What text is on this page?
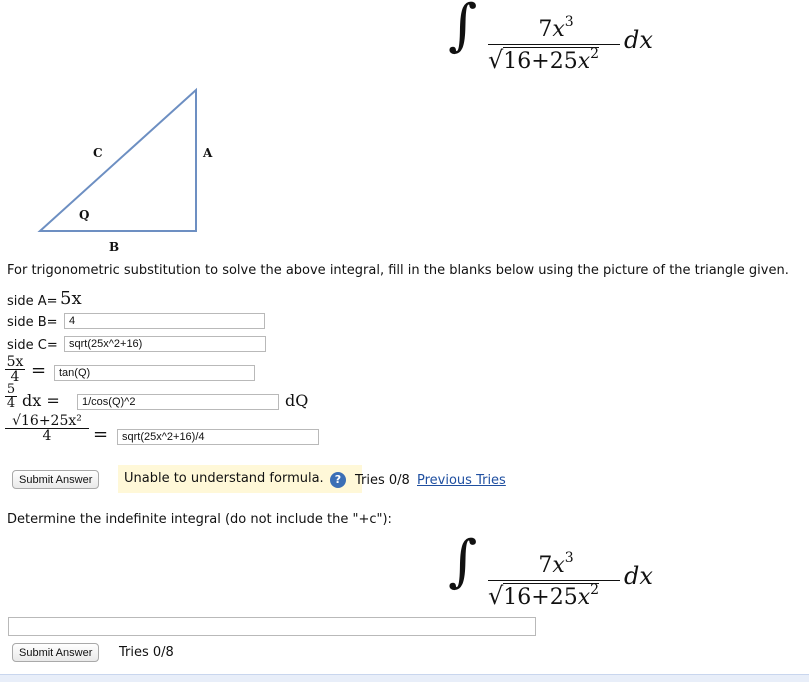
∫	$7x^3$
$√16+25x^2$ dx
C	A
Q
B
For trigonometric substitution to solve the above integral, fill in the blanks below using the picture of the triangle given.
side A= 5x
side B=
4
side C=
sqrt(25x^2+16)
$\frac{5x}{4}$ =
tan(Q)
$\frac{5}{4}$ dx =
1/cos(Q)^2	dQ
$\frac{\text{√16+25x²}}{4}$ =
sqrt(25x^2+16)/4
Submit Answer	Unable to understand formula.	?	Tries 0/8 Previous Tries
Determine the indefinite integral (do not include the "+c"):
∫	$7x^3$
$√16+25x^2$ dx
Submit Answer	Tries 0/8
